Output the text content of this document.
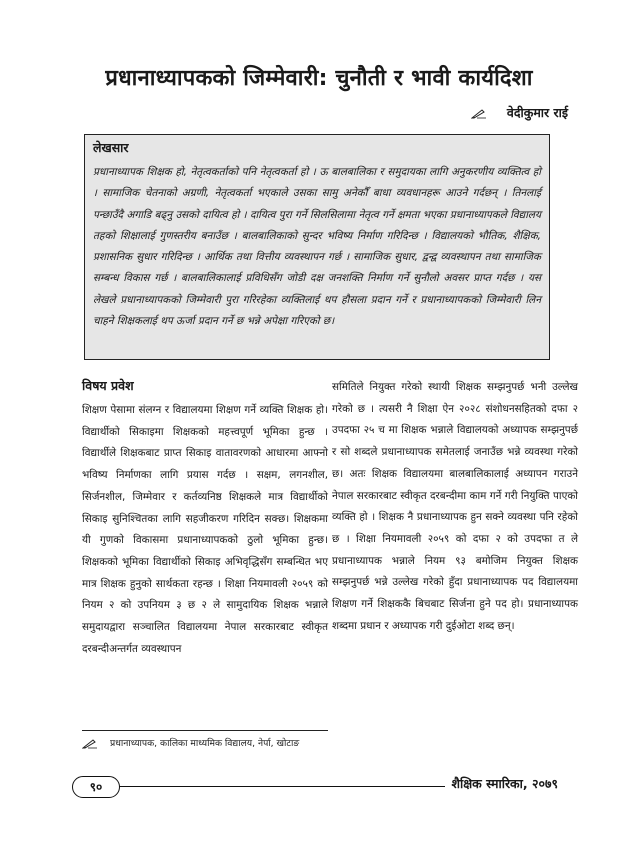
प्रधानाध्यापकको जिम्मेवारी: चुनौती र भावी कार्यदिशा
वेदीकुमार राई
लेखसार
प्रधानाध्यापक शिक्षक हो, नेतृत्वकर्ताको पनि नेतृत्वकर्ता हो । ऊ बालबालिका र समुदायका लागि अनुकरणीय व्यक्तित्व हो । सामाजिक चेतनाको अग्रणी, नेतृत्वकर्ता भएकाले उसका सामु अनेकौँ बाधा व्यवधानहरू आउने गर्दछन् । तिनलाई पन्छाउँदै अगाडि बढ्नु उसको दायित्व हो । दायित्व पुरा गर्ने सिलसिलामा नेतृत्व गर्ने क्षमता भएका प्रधानाध्यापकले विद्यालय तहको शिक्षालाई गुणस्तरीय बनाउँछ । बालबालिकाको सुन्दर भविष्य निर्माण गरिदिन्छ । विद्यालयको भौतिक, शैक्षिक, प्रशासनिक सुधार गरिदिन्छ । आर्थिक तथा वित्तीय व्यवस्थापन गर्छ । सामाजिक सुधार, द्वन्द्व व्यवस्थापन तथा सामाजिक सम्बन्ध विकास गर्छ । बालबालिकालाई प्रविधिसँग जोडी दक्ष जनशक्ति निर्माण गर्ने सुनौलो अवसर प्राप्त गर्दछ । यस लेखले प्रधानाध्यापकको जिम्मेवारी पुरा गरिरहेका व्यक्तिलाई थप हौसला प्रदान गर्ने र प्रधानाध्यापकको जिम्मेवारी लिन चाहने शिक्षकलाई थप ऊर्जा प्रदान गर्ने छ भन्ने अपेक्षा गरिएको छ।
विषय प्रवेश
शिक्षण पेसामा संलग्न र विद्यालयमा शिक्षण गर्ने व्यक्ति शिक्षक हो। विद्यार्थीको सिकाइमा शिक्षकको महत्त्वपूर्ण भूमिका हुन्छ । विद्यार्थीले शिक्षकबाट प्राप्त सिकाइ वातावरणको आधारमा आफ्नो भविष्य निर्माणका लागि प्रयास गर्दछ । सक्षम, लगनशील, सिर्जनशील, जिम्मेवार र कर्तव्यनिष्ठ शिक्षकले मात्र विद्यार्थीको सिकाइ सुनिश्चितका लागि सहजीकरण गरिदिन सक्छ। शिक्षकमा यी गुणको विकासमा प्रधानाध्यापकको ठुलो भूमिका हुन्छ। शिक्षकको भूमिका विद्यार्थीको सिकाइ अभिवृद्धिसँग सम्बन्धित भए मात्र शिक्षक हुनुको सार्थकता रहन्छ । शिक्षा नियमावली २०५९ को नियम २ को उपनियम ३ छ २ ले सामुदायिक शिक्षक भन्नाले समुदायद्वारा सञ्चालित विद्यालयमा नेपाल सरकारबाट स्वीकृत दरबन्दीअन्तर्गत व्यवस्थापन
समितिले नियुक्त गरेको स्थायी शिक्षक सम्झनुपर्छ भनी उल्लेख गरेको छ । त्यसरी नै शिक्षा ऐन २०२८ संशोधनसहितको दफा २ उपदफा २५ च मा शिक्षक भन्नाले विद्यालयको अध्यापक सम्झनुपर्छ र सो शब्दले प्रधानाध्यापक समेतलाई जनाउँछ भन्ने व्यवस्था गरेको छ। अतः शिक्षक विद्यालयमा बालबालिकालाई अध्यापन गराउने नेपाल सरकारबाट स्वीकृत दरबन्दीमा काम गर्ने गरी नियुक्ति पाएको व्यक्ति हो । शिक्षक नै प्रधानाध्यापक हुन सक्ने व्यवस्था पनि रहेको छ । शिक्षा नियमावली २०५९ को दफा २ को उपदफा त ले प्रधानाध्यापक भन्नाले नियम ९३ बमोजिम नियुक्त शिक्षक सम्झनुपर्छ भन्ने उल्लेख गरेको हुँदा प्रधानाध्यापक पद विद्यालयमा शिक्षण गर्ने शिक्षककै बिचबाट सिर्जना हुने पद हो। प्रधानाध्यापक शब्दमा प्रधान र अध्यापक गरी दुईओटा शब्द छन्।
प्रधानाध्यापक, कालिका माध्यमिक विद्यालय, नेर्पा, खोटाङ
९०	शैक्षिक स्मारिका, २०७९
